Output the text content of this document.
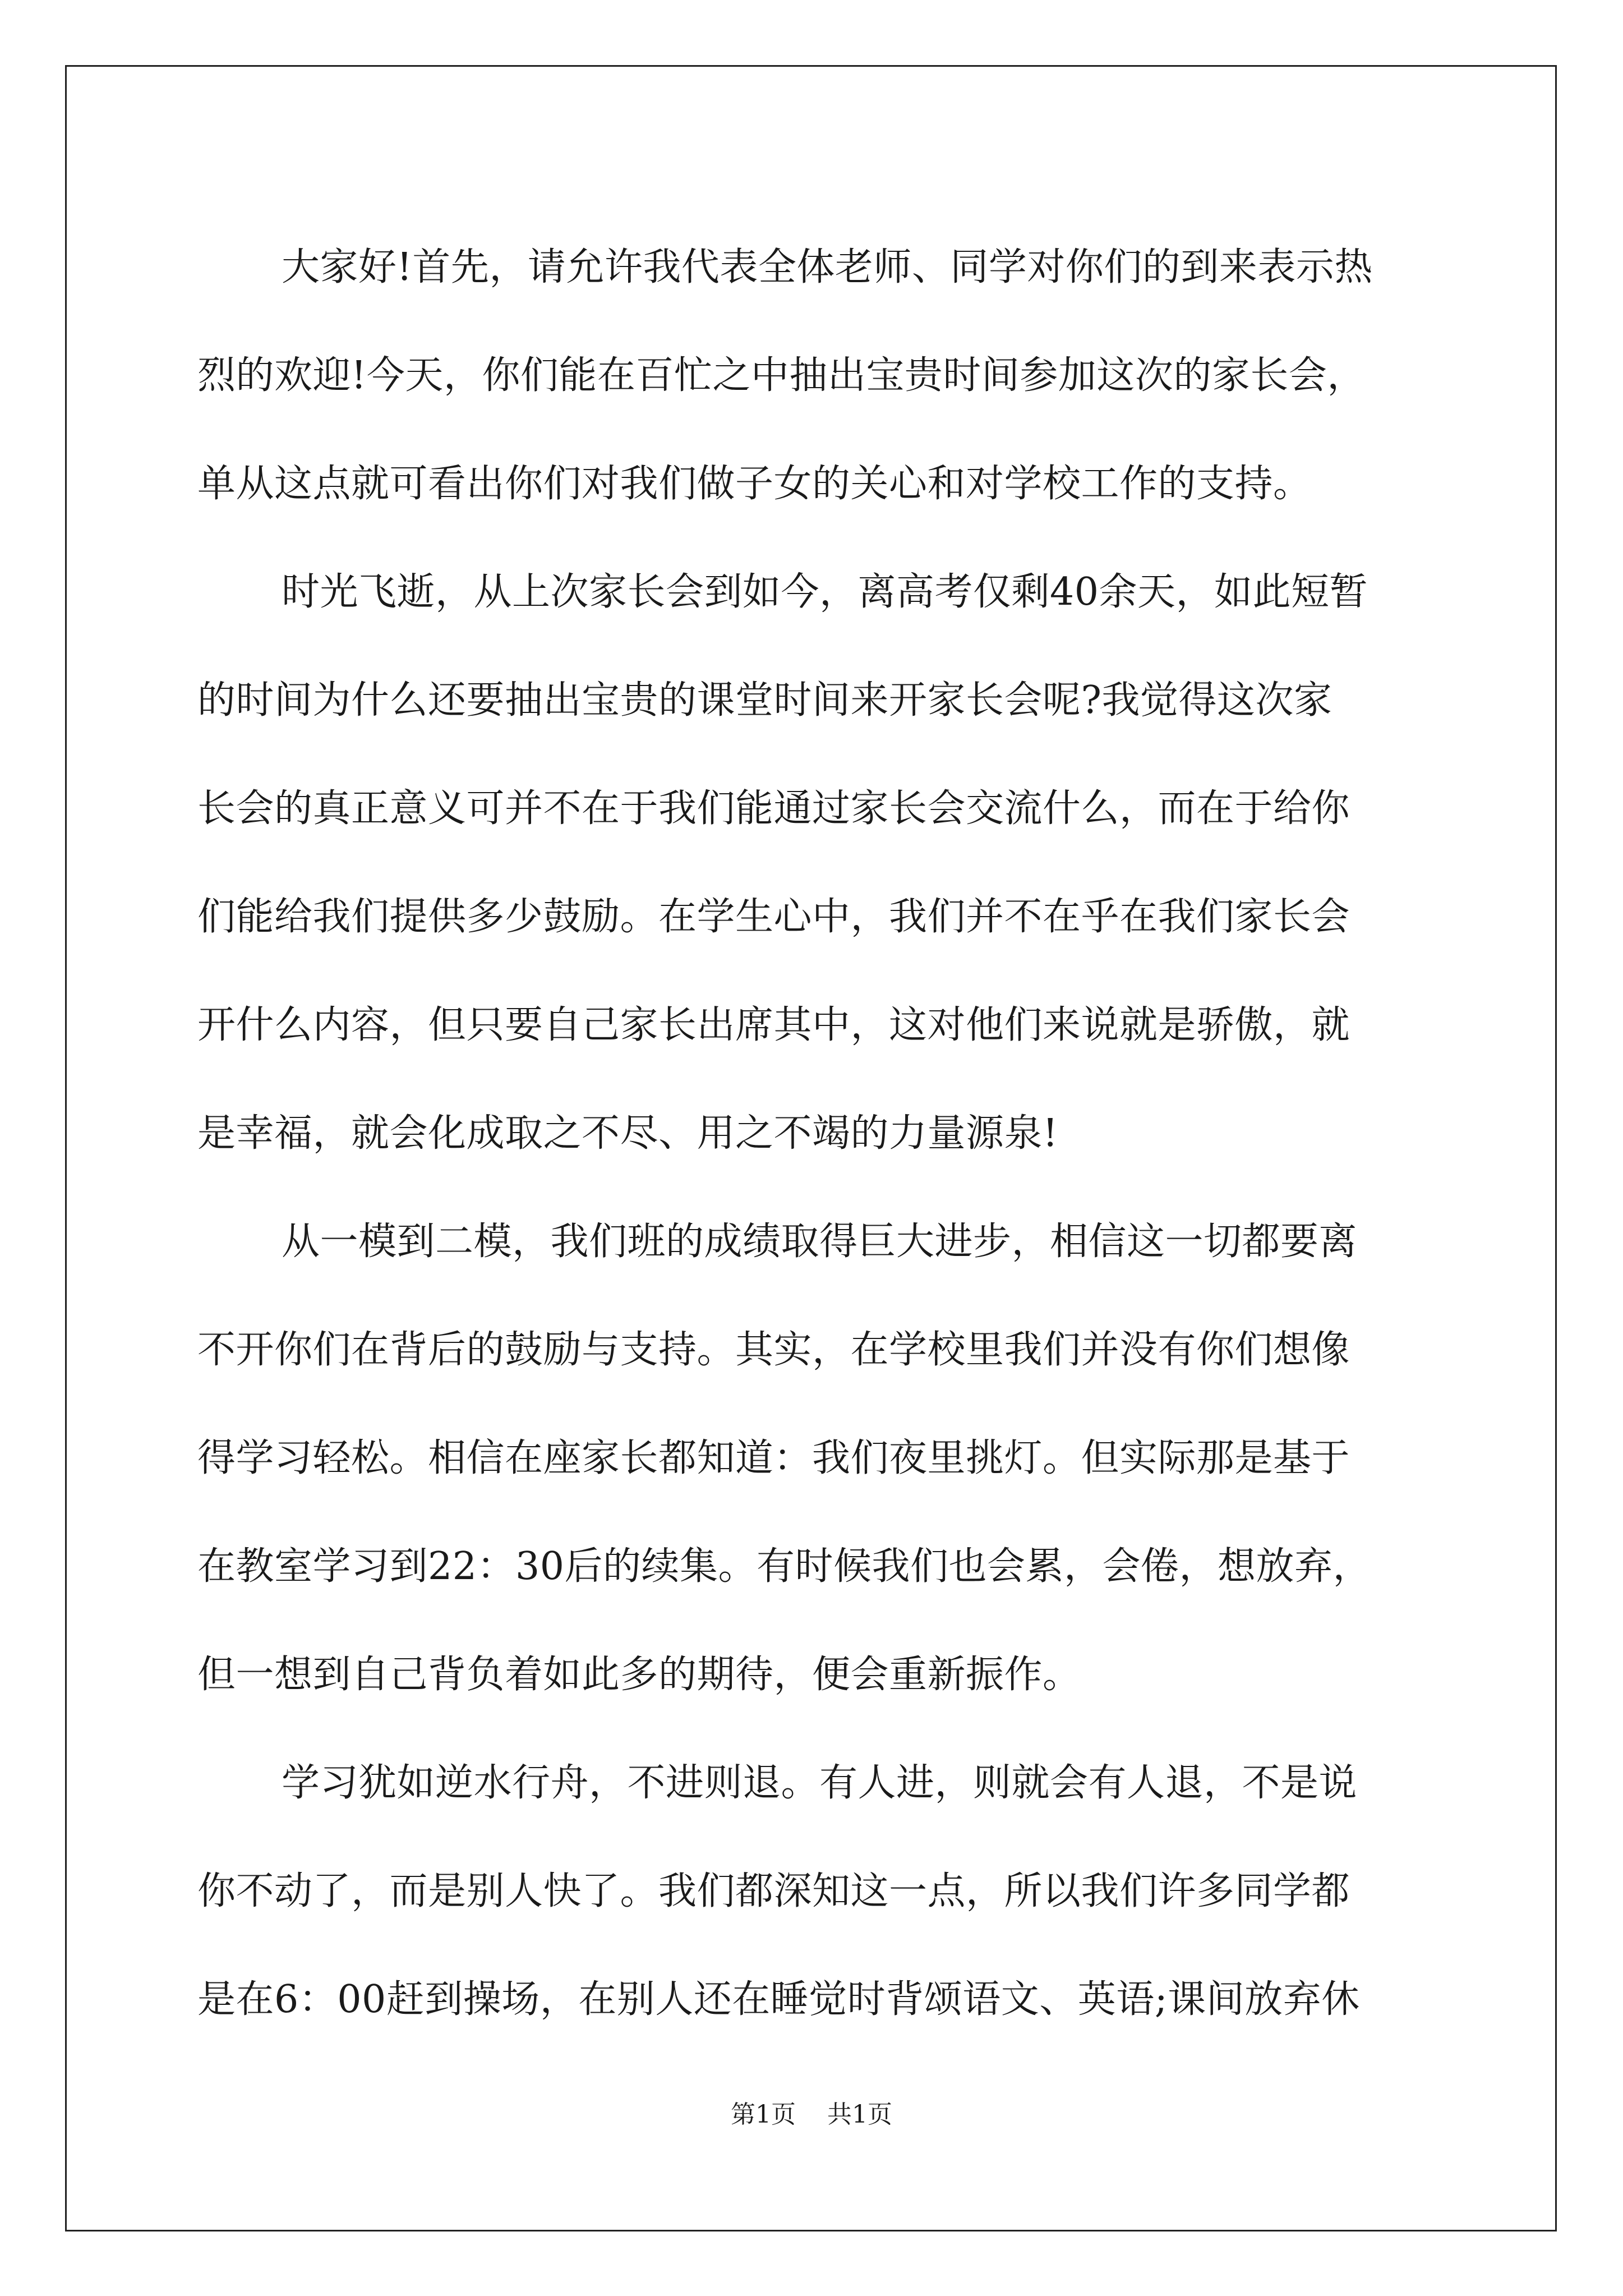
大家好!首先，请允许我代表全体老师、同学对你们的到来表示热
烈的欢迎!今天，你们能在百忙之中抽出宝贵时间参加这次的家长会，
单从这点就可看出你们对我们做子女的关心和对学校工作的支持。
时光飞逝，从上次家长会到如今，离高考仅剩40余天，如此短暂
的时间为什么还要抽出宝贵的课堂时间来开家长会呢?我觉得这次家
长会的真正意义可并不在于我们能通过家长会交流什么，而在于给你
们能给我们提供多少鼓励。在学生心中，我们并不在乎在我们家长会
开什么内容，但只要自己家长出席其中，这对他们来说就是骄傲，就
是幸福，就会化成取之不尽、用之不竭的力量源泉!
从一模到二模，我们班的成绩取得巨大进步，相信这一切都要离
不开你们在背后的鼓励与支持。其实，在学校里我们并没有你们想像
得学习轻松。相信在座家长都知道：我们夜里挑灯。但实际那是基于
在教室学习到22：30后的续集。有时候我们也会累，会倦，想放弃，
但一想到自己背负着如此多的期待，便会重新振作。
学习犹如逆水行舟，不进则退。有人进，则就会有人退，不是说
你不动了，而是别人快了。我们都深知这一点，所以我们许多同学都
是在6：00赶到操场，在别人还在睡觉时背颂语文、英语;课间放弃休
第1页 共1页
